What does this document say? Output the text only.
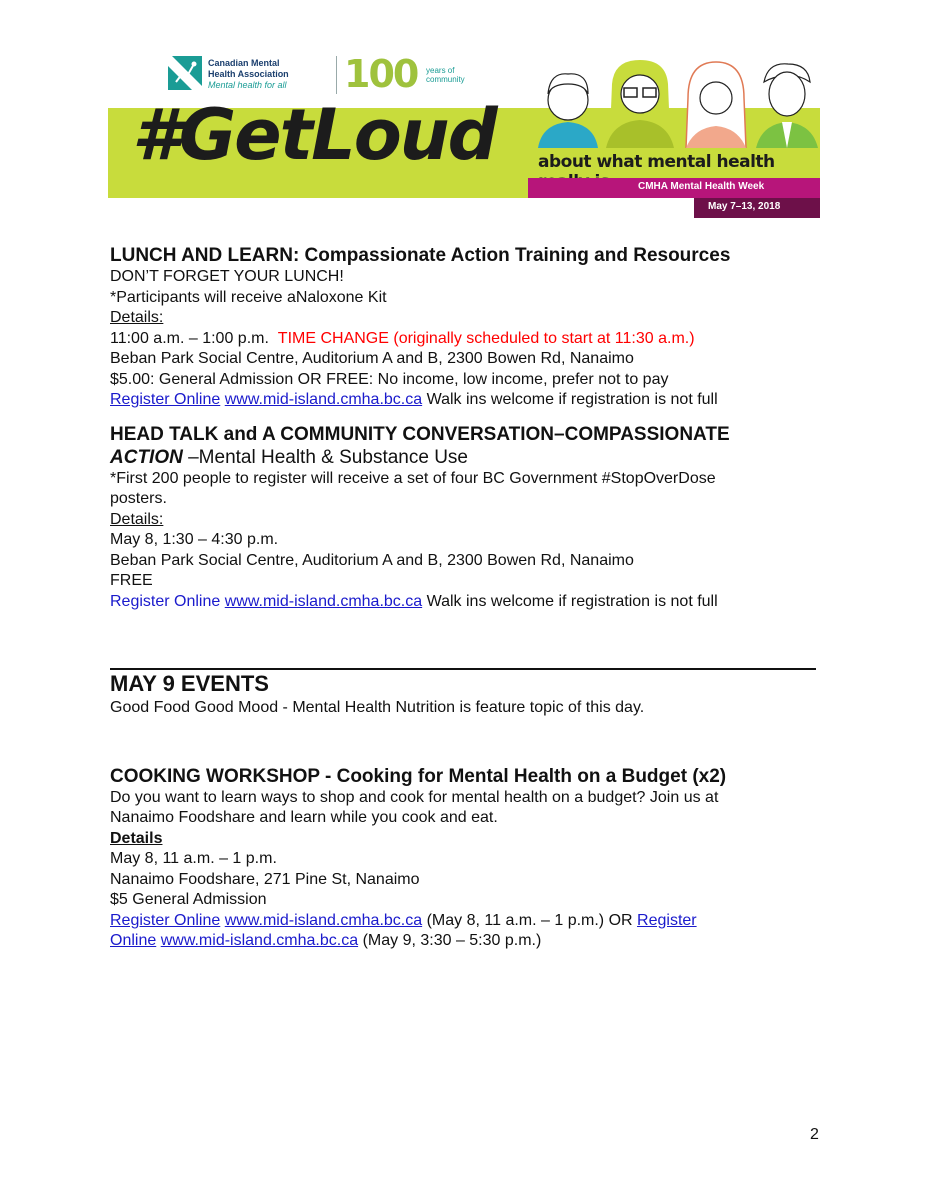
Canadian Mental
Health Association
Mental health for all 100 years of
community
#GetLoud about what mental health
CMHA Mental Health Week
May 7–13, 2018
LUNCH AND LEARN: Compassionate Action Training and Resources
DON’T FORGET YOUR LUNCH!
*Participants will receive aNaloxone Kit
Details:
11:00 a.m. – 1:00 p.m. TIME CHANGE (originally scheduled to start at 11:30 a.m.)
Beban Park Social Centre, Auditorium A and B, 2300 Bowen Rd, Nanaimo
$5.00: General Admission OR FREE: No income, low income, prefer not to pay
Register Online www.mid-island.cmha.bc.ca Walk ins welcome if registration is not full
HEAD TALK and A COMMUNITY CONVERSATION–COMPASSIONATE
ACTION –Mental Health & Substance Use
*First 200 people to register will receive a set of four BC Government #StopOverDose
posters.
Details:
May 8, 1:30 – 4:30 p.m.
Beban Park Social Centre, Auditorium A and B, 2300 Bowen Rd, Nanaimo
FREE
Register Online www.mid-island.cmha.bc.ca Walk ins welcome if registration is not full
MAY 9 EVENTS
Good Food Good Mood - Mental Health Nutrition is feature topic of this day.
COOKING WORKSHOP - Cooking for Mental Health on a Budget (x2)
Do you want to learn ways to shop and cook for mental health on a budget? Join us at
Nanaimo Foodshare and learn while you cook and eat.
Details
May 8, 11 a.m. – 1 p.m.
Nanaimo Foodshare, 271 Pine St, Nanaimo
$5 General Admission
Register Online www.mid-island.cmha.bc.ca (May 8, 11 a.m. – 1 p.m.) OR Register
Online www.mid-island.cmha.bc.ca (May 9, 3:30 – 5:30 p.m.)
2
